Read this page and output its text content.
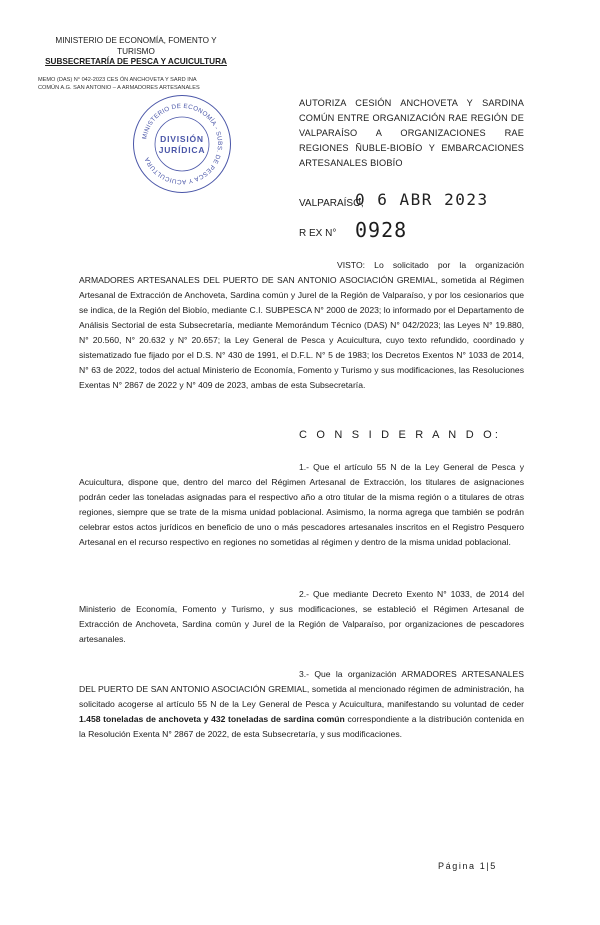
MINISTERIO DE ECONOMÍA, FOMENTO Y TURISMO
SUBSECRETARÍA DE PESCA Y ACUICULTURA
MEMO (DAS) N° 042-2023 CES ÓN ANCHOVETA Y SARD INA
COMÚN A.G. SAN ANTONIO – A ARMADORES ARTESANALES
MINISTERIO DE ECONOMÍA - SUBS. DE PESCA Y ACUICULTURA
DIVISIÓN
JURÍDICA
AUTORIZA CESIÓN ANCHOVETA Y SARDINA COMÚN ENTRE ORGANIZACIÓN RAE REGIÓN DE VALPARAÍSO A ORGANIZACIONES RAE REGIONES ÑUBLE-BIOBÍO Y EMBARCACIONES ARTESANALES BIOBÍO
VALPARAÍSO,
0 6 ABR 2023
R EX N° 0928
VISTO: Lo solicitado por la organización ARMADORES ARTESANALES DEL PUERTO DE SAN ANTONIO ASOCIACIÓN GREMIAL, sometida al Régimen Artesanal de Extracción de Anchoveta, Sardina común y Jurel de la Región de Valparaíso, y por los cesionarios que se indica, de la Región del Biobío, mediante C.I. SUBPESCA N° 2000 de 2023; lo informado por el Departamento de Análisis Sectorial de esta Subsecretaría, mediante Memorándum Técnico (DAS) N° 042/2023; las Leyes N° 19.880, N° 20.560, N° 20.632 y N° 20.657; la Ley General de Pesca y Acuicultura, cuyo texto refundido, coordinado y sistematizado fue fijado por el D.S. N° 430 de 1991, el D.F.L. N° 5 de 1983; los Decretos Exentos N° 1033 de 2014, N° 63 de 2022, todos del actual Ministerio de Economía, Fomento y Turismo y sus modificaciones, las Resoluciones Exentas N° 2867 de 2022 y N° 409 de 2023, ambas de esta Subsecretaría.
C O N S I D E R A N D O:
1.- Que el artículo 55 N de la Ley General de Pesca y Acuicultura, dispone que, dentro del marco del Régimen Artesanal de Extracción, los titulares de asignaciones podrán ceder las toneladas asignadas para el respectivo año a otro titular de la misma región o a titulares de otras regiones, siempre que se trate de la misma unidad poblacional. Asimismo, la norma agrega que también se podrán celebrar estos actos jurídicos en beneficio de uno o más pescadores artesanales inscritos en el Registro Pesquero Artesanal en el recurso respectivo en regiones no sometidas al régimen y dentro de la misma unidad poblacional.
2.- Que mediante Decreto Exento N° 1033, de 2014 del Ministerio de Economía, Fomento y Turismo, y sus modificaciones, se estableció el Régimen Artesanal de Extracción de Anchoveta, Sardina común y Jurel de la Región de Valparaíso, por organizaciones de pescadores artesanales.
3.- Que la organización ARMADORES ARTESANALES DEL PUERTO DE SAN ANTONIO ASOCIACIÓN GREMIAL, sometida al mencionado régimen de administración, ha solicitado acogerse al artículo 55 N de la Ley General de Pesca y Acuicultura, manifestando su voluntad de ceder 1.458 toneladas de anchoveta y 432 toneladas de sardina común correspondiente a la distribución contenida en la Resolución Exenta N° 2867 de 2022, de esta Subsecretaría, y sus modificaciones.
Página 1|5
